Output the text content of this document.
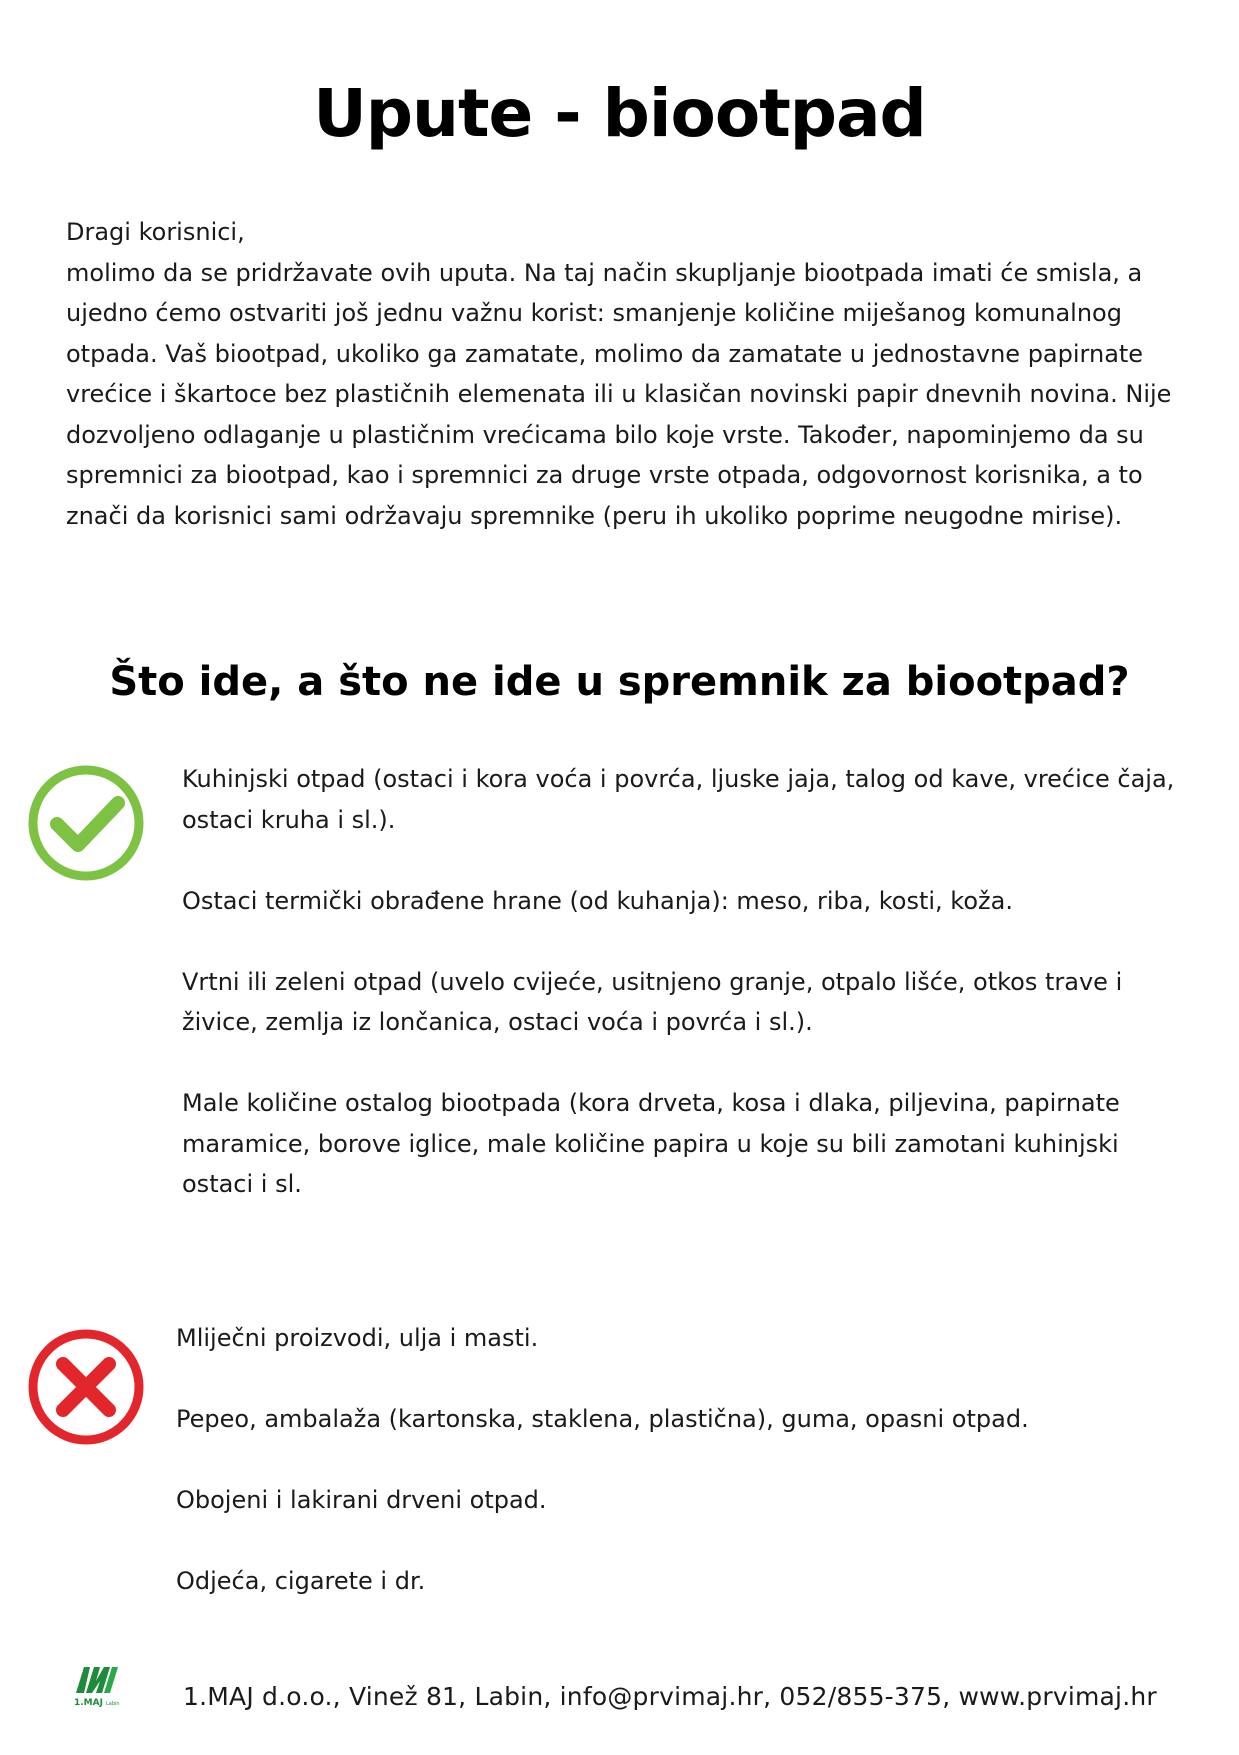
Upute - biootpad

Dragi korisnici,

molimo da se pridržavate ovih uputa. Na taj način skupljanje biootpada imati će smisla, a ujedno ćemo ostvariti još jednu važnu korist: smanjenje količine miješanog komunalnog otpada. Vaš biootpad, ukoliko ga zamatate, molimo da zamatate u jednostavne papirnate vrećice i škartoce bez plastičnih elemenata ili u klasičan novinski papir dnevnih novina. Nije dozvoljeno odlaganje u plastičnim vrećicama bilo koje vrste. Također, napominjemo da su spremnici za biootpad, kao i spremnici za druge vrste otpada, odgovornost korisnika, a to znači da korisnici sami održavaju spremnike (peru ih ukoliko poprime neugodne mirise).

Što ide, a što ne ide u spremnik za biootpad?
Kuhinjski otpad (ostaci i kora voća i povrća, ljuske jaja, talog od kave, vrećice čaja, ostaci kruha i sl.).
Ostaci termički obrađene hrane (od kuhanja): meso, riba, kosti, koža.
Vrtni ili zeleni otpad (uvelo cvijeće, usitnjeno granje, otpalo lišće, otkos trave i živice, zemlja iz lončanica, ostaci voća i povrća i sl.).
Male količine ostalog biootpada (kora drveta, kosa i dlaka, piljevina, papirnate maramice, borove iglice, male količine papira u koje su bili zamotani kuhinjski ostaci i sl.
Mliječni proizvodi, ulja i masti.
Pepeo, ambalaža (kartonska, staklena, plastična), guma, opasni otpad.
Obojeni i lakirani drveni otpad.
Odjeća, cigarete i dr.
1.MAJ Labin	1.MAJ d.o.o., Vinež 81, Labin, info@prvimaj.hr, 052/855-375, www.prvimaj.hr
